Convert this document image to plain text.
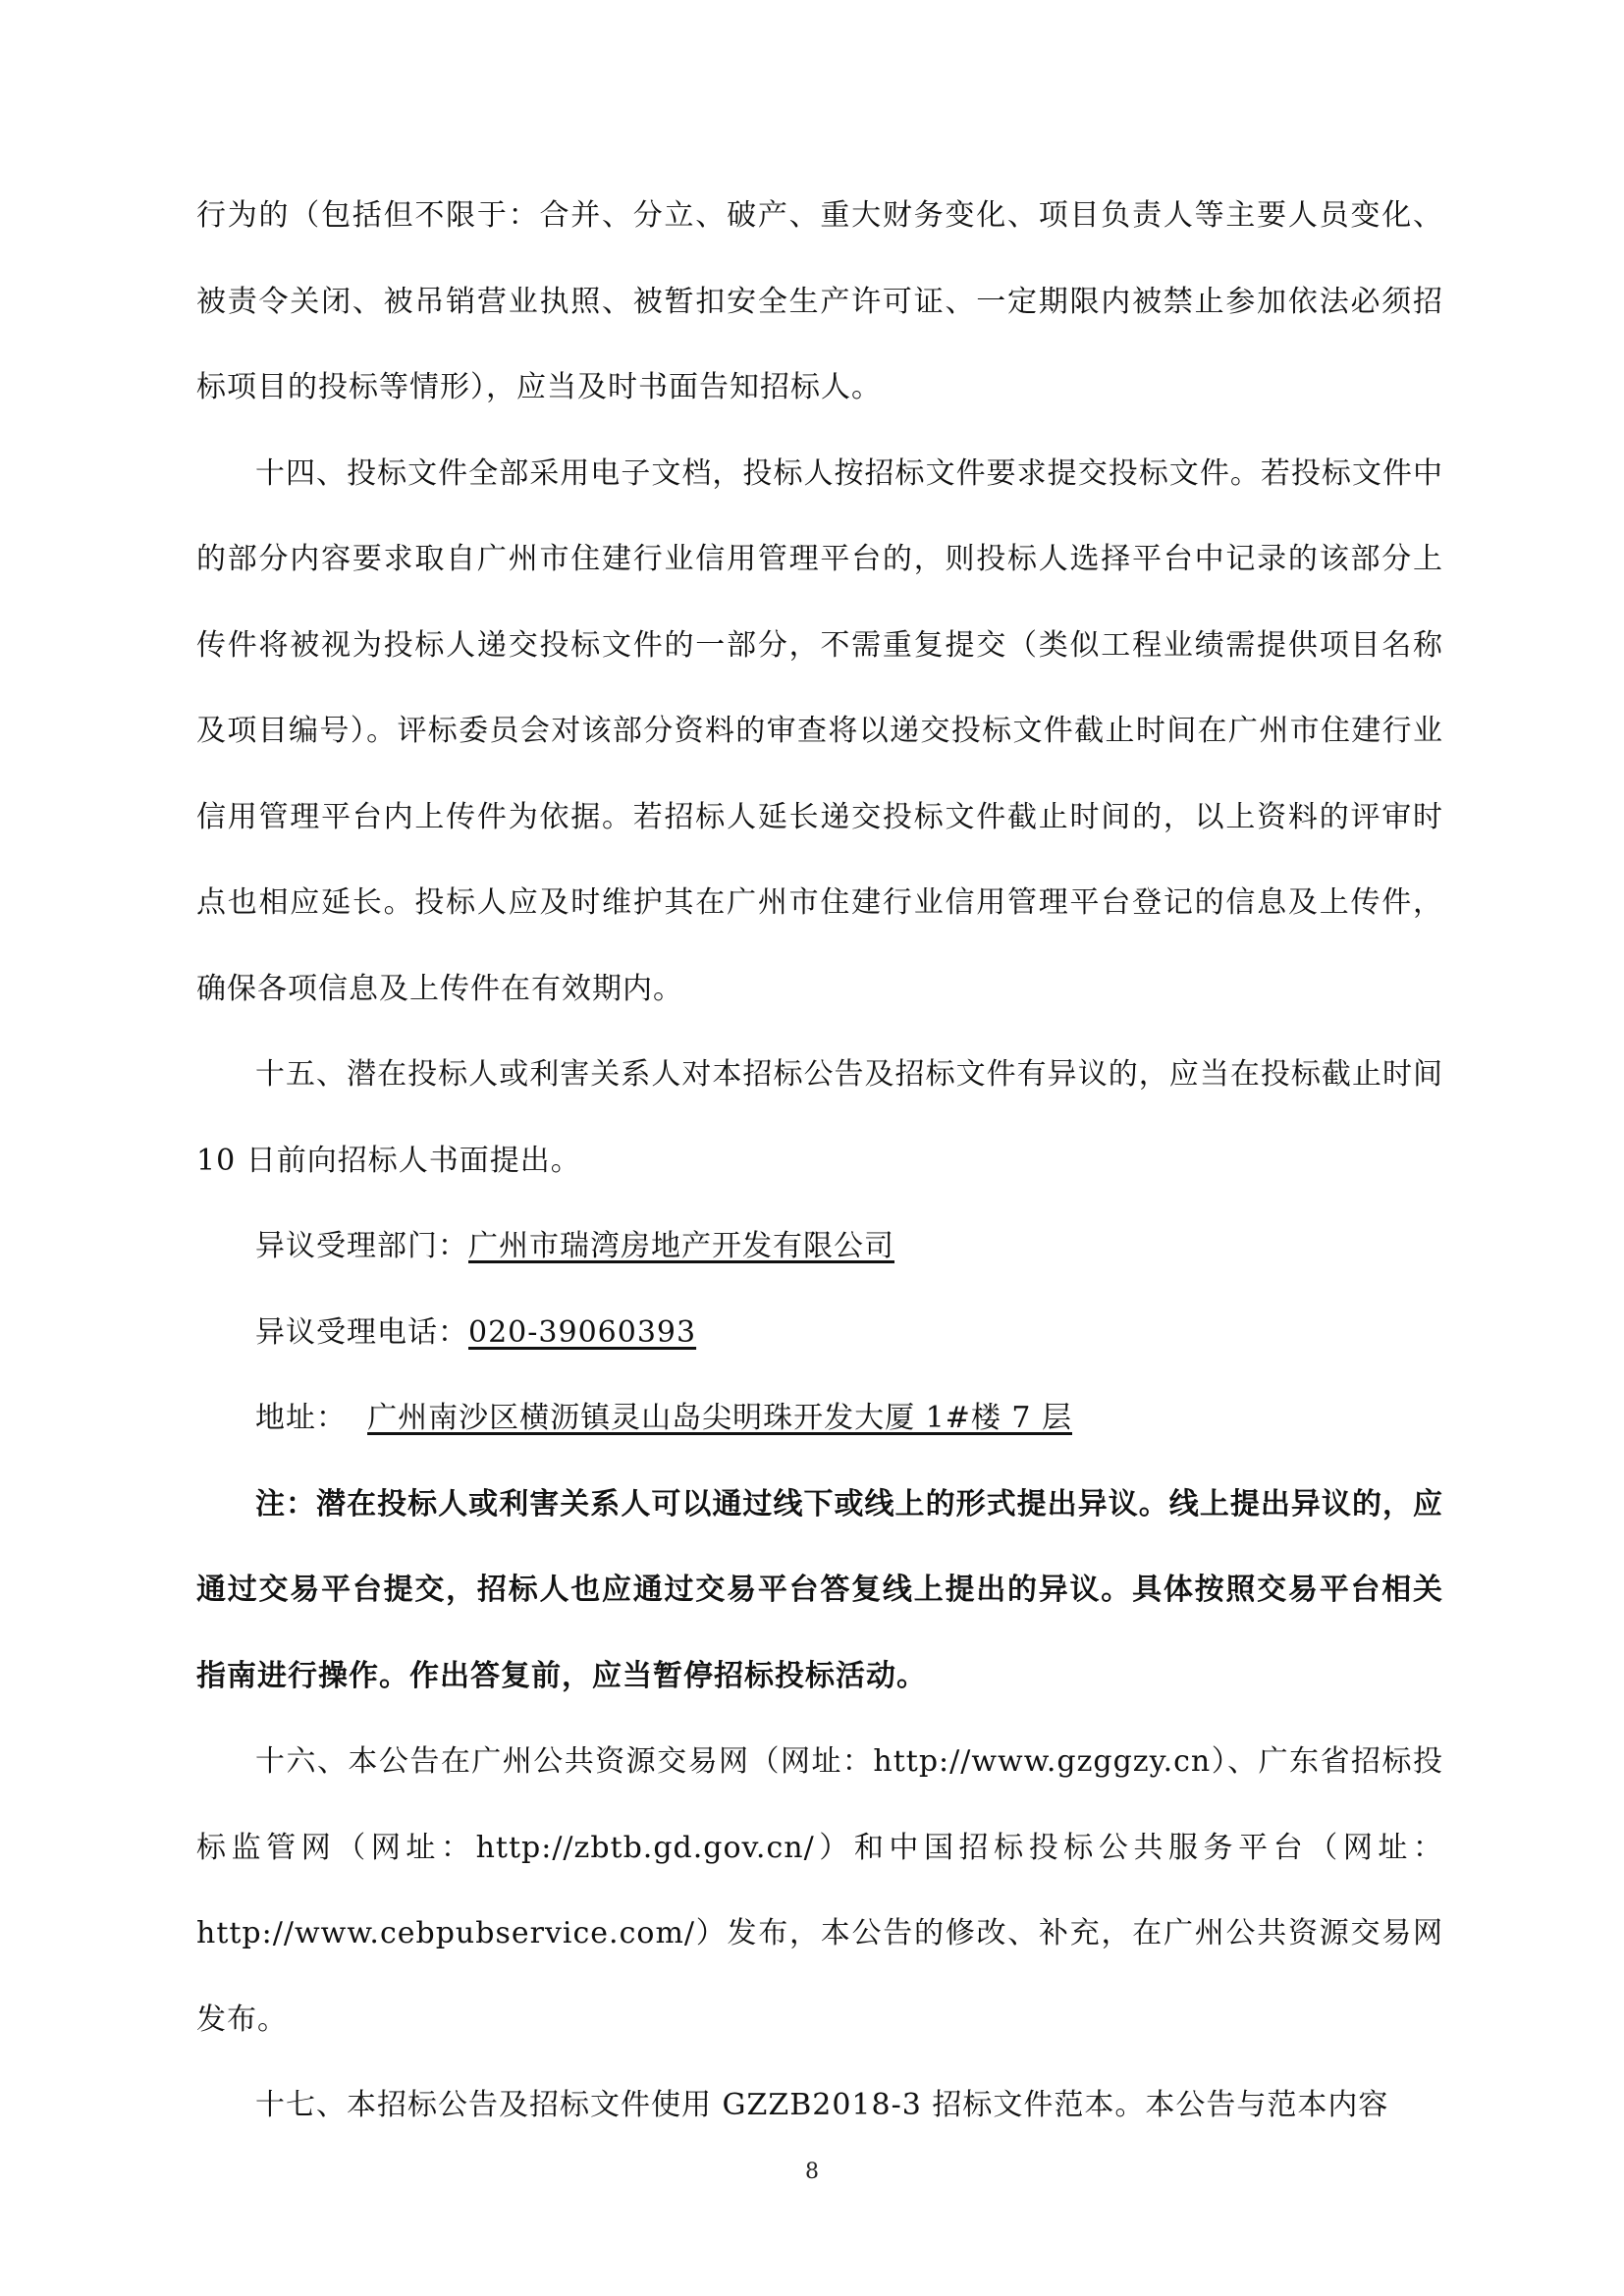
行为的（包括但不限于：合并、分立、破产、重大财务变化、项目负责人等主要人员变化、被责令关闭、被吊销营业执照、被暂扣安全生产许可证、一定期限内被禁止参加依法必须招标项目的投标等情形），应当及时书面告知招标人。

十四、投标文件全部采用电子文档，投标人按招标文件要求提交投标文件。若投标文件中的部分内容要求取自广州市住建行业信用管理平台的，则投标人选择平台中记录的该部分上传件将被视为投标人递交投标文件的一部分，不需重复提交（类似工程业绩需提供项目名称及项目编号）。评标委员会对该部分资料的审查将以递交投标文件截止时间在广州市住建行业信用管理平台内上传件为依据。若招标人延长递交投标文件截止时间的，以上资料的评审时点也相应延长。投标人应及时维护其在广州市住建行业信用管理平台登记的信息及上传件，确保各项信息及上传件在有效期内。

十五、潜在投标人或利害关系人对本招标公告及招标文件有异议的，应当在投标截止时间 10 日前向招标人书面提出。

异议受理部门：广州市瑞湾房地产开发有限公司

异议受理电话：020-39060393

地址： 广州南沙区横沥镇灵山岛尖明珠开发大厦 1#楼 7 层

注：潜在投标人或利害关系人可以通过线下或线上的形式提出异议。线上提出异议的，应通过交易平台提交，招标人也应通过交易平台答复线上提出的异议。具体按照交易平台相关指南进行操作。作出答复前，应当暂停招标投标活动。

十六、本公告在广州公共资源交易网（网址：http://www.gzggzy.cn）、广东省招标投标监管网（网址：http://zbtb.gd.gov.cn/）和中国招标投标公共服务平台（网址：http://www.cebpubservice.com/）发布，本公告的修改、补充，在广州公共资源交易网发布。

十七、本招标公告及招标文件使用 GZZB2018-3 招标文件范本。本公告与范本内容

8
